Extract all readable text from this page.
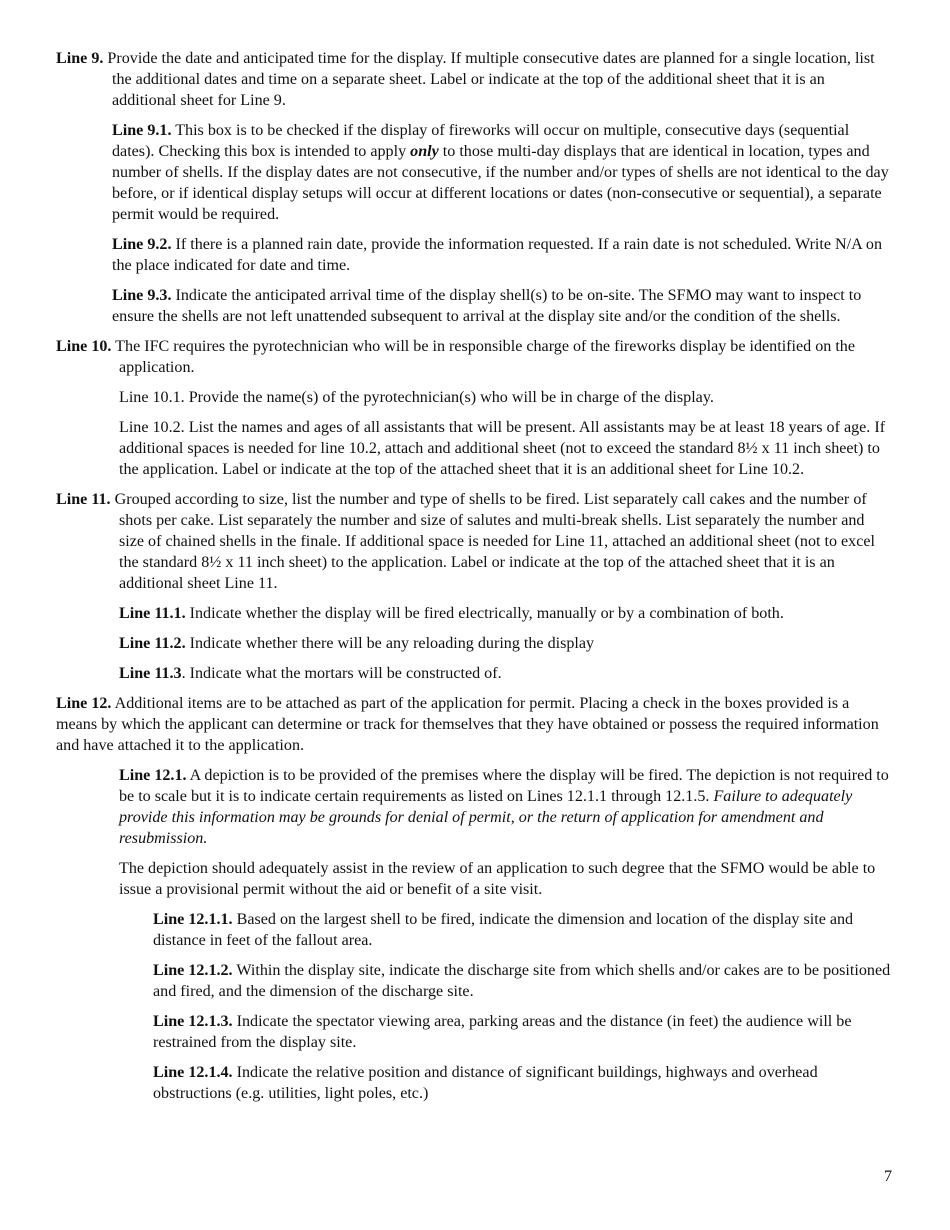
Line 9. Provide the date and anticipated time for the display. If multiple consecutive dates are planned for a single location, list the additional dates and time on a separate sheet. Label or indicate at the top of the additional sheet that it is an additional sheet for Line 9.

Line 9.1. This box is to be checked if the display of fireworks will occur on multiple, consecutive days (sequential dates). Checking this box is intended to apply only to those multi-day displays that are identical in location, types and number of shells. If the display dates are not consecutive, if the number and/or types of shells are not identical to the day before, or if identical display setups will occur at different locations or dates (non-consecutive or sequential), a separate permit would be required.

Line 9.2. If there is a planned rain date, provide the information requested. If a rain date is not scheduled. Write N/A on the place indicated for date and time.

Line 9.3. Indicate the anticipated arrival time of the display shell(s) to be on-site. The SFMO may want to inspect to ensure the shells are not left unattended subsequent to arrival at the display site and/or the condition of the shells.

Line 10. The IFC requires the pyrotechnician who will be in responsible charge of the fireworks display be identified on the application.

Line 10.1. Provide the name(s) of the pyrotechnician(s) who will be in charge of the display.

Line 10.2. List the names and ages of all assistants that will be present. All assistants may be at least 18 years of age. If additional spaces is needed for line 10.2, attach and additional sheet (not to exceed the standard 8½ x 11 inch sheet) to the application. Label or indicate at the top of the attached sheet that it is an additional sheet for Line 10.2.

Line 11. Grouped according to size, list the number and type of shells to be fired. List separately call cakes and the number of shots per cake. List separately the number and size of salutes and multi-break shells. List separately the number and size of chained shells in the finale. If additional space is needed for Line 11, attached an additional sheet (not to excel the standard 8½ x 11 inch sheet) to the application. Label or indicate at the top of the attached sheet that it is an additional sheet Line 11.

Line 11.1. Indicate whether the display will be fired electrically, manually or by a combination of both.

Line 11.2. Indicate whether there will be any reloading during the display

Line 11.3. Indicate what the mortars will be constructed of.

Line 12. Additional items are to be attached as part of the application for permit. Placing a check in the boxes provided is a means by which the applicant can determine or track for themselves that they have obtained or possess the required information and have attached it to the application.

Line 12.1. A depiction is to be provided of the premises where the display will be fired. The depiction is not required to be to scale but it is to indicate certain requirements as listed on Lines 12.1.1 through 12.1.5. Failure to adequately provide this information may be grounds for denial of permit, or the return of application for amendment and resubmission.

The depiction should adequately assist in the review of an application to such degree that the SFMO would be able to issue a provisional permit without the aid or benefit of a site visit.

Line 12.1.1. Based on the largest shell to be fired, indicate the dimension and location of the display site and distance in feet of the fallout area.

Line 12.1.2. Within the display site, indicate the discharge site from which shells and/or cakes are to be positioned and fired, and the dimension of the discharge site.

Line 12.1.3. Indicate the spectator viewing area, parking areas and the distance (in feet) the audience will be restrained from the display site.

Line 12.1.4. Indicate the relative position and distance of significant buildings, highways and overhead obstructions (e.g. utilities, light poles, etc.)

7
